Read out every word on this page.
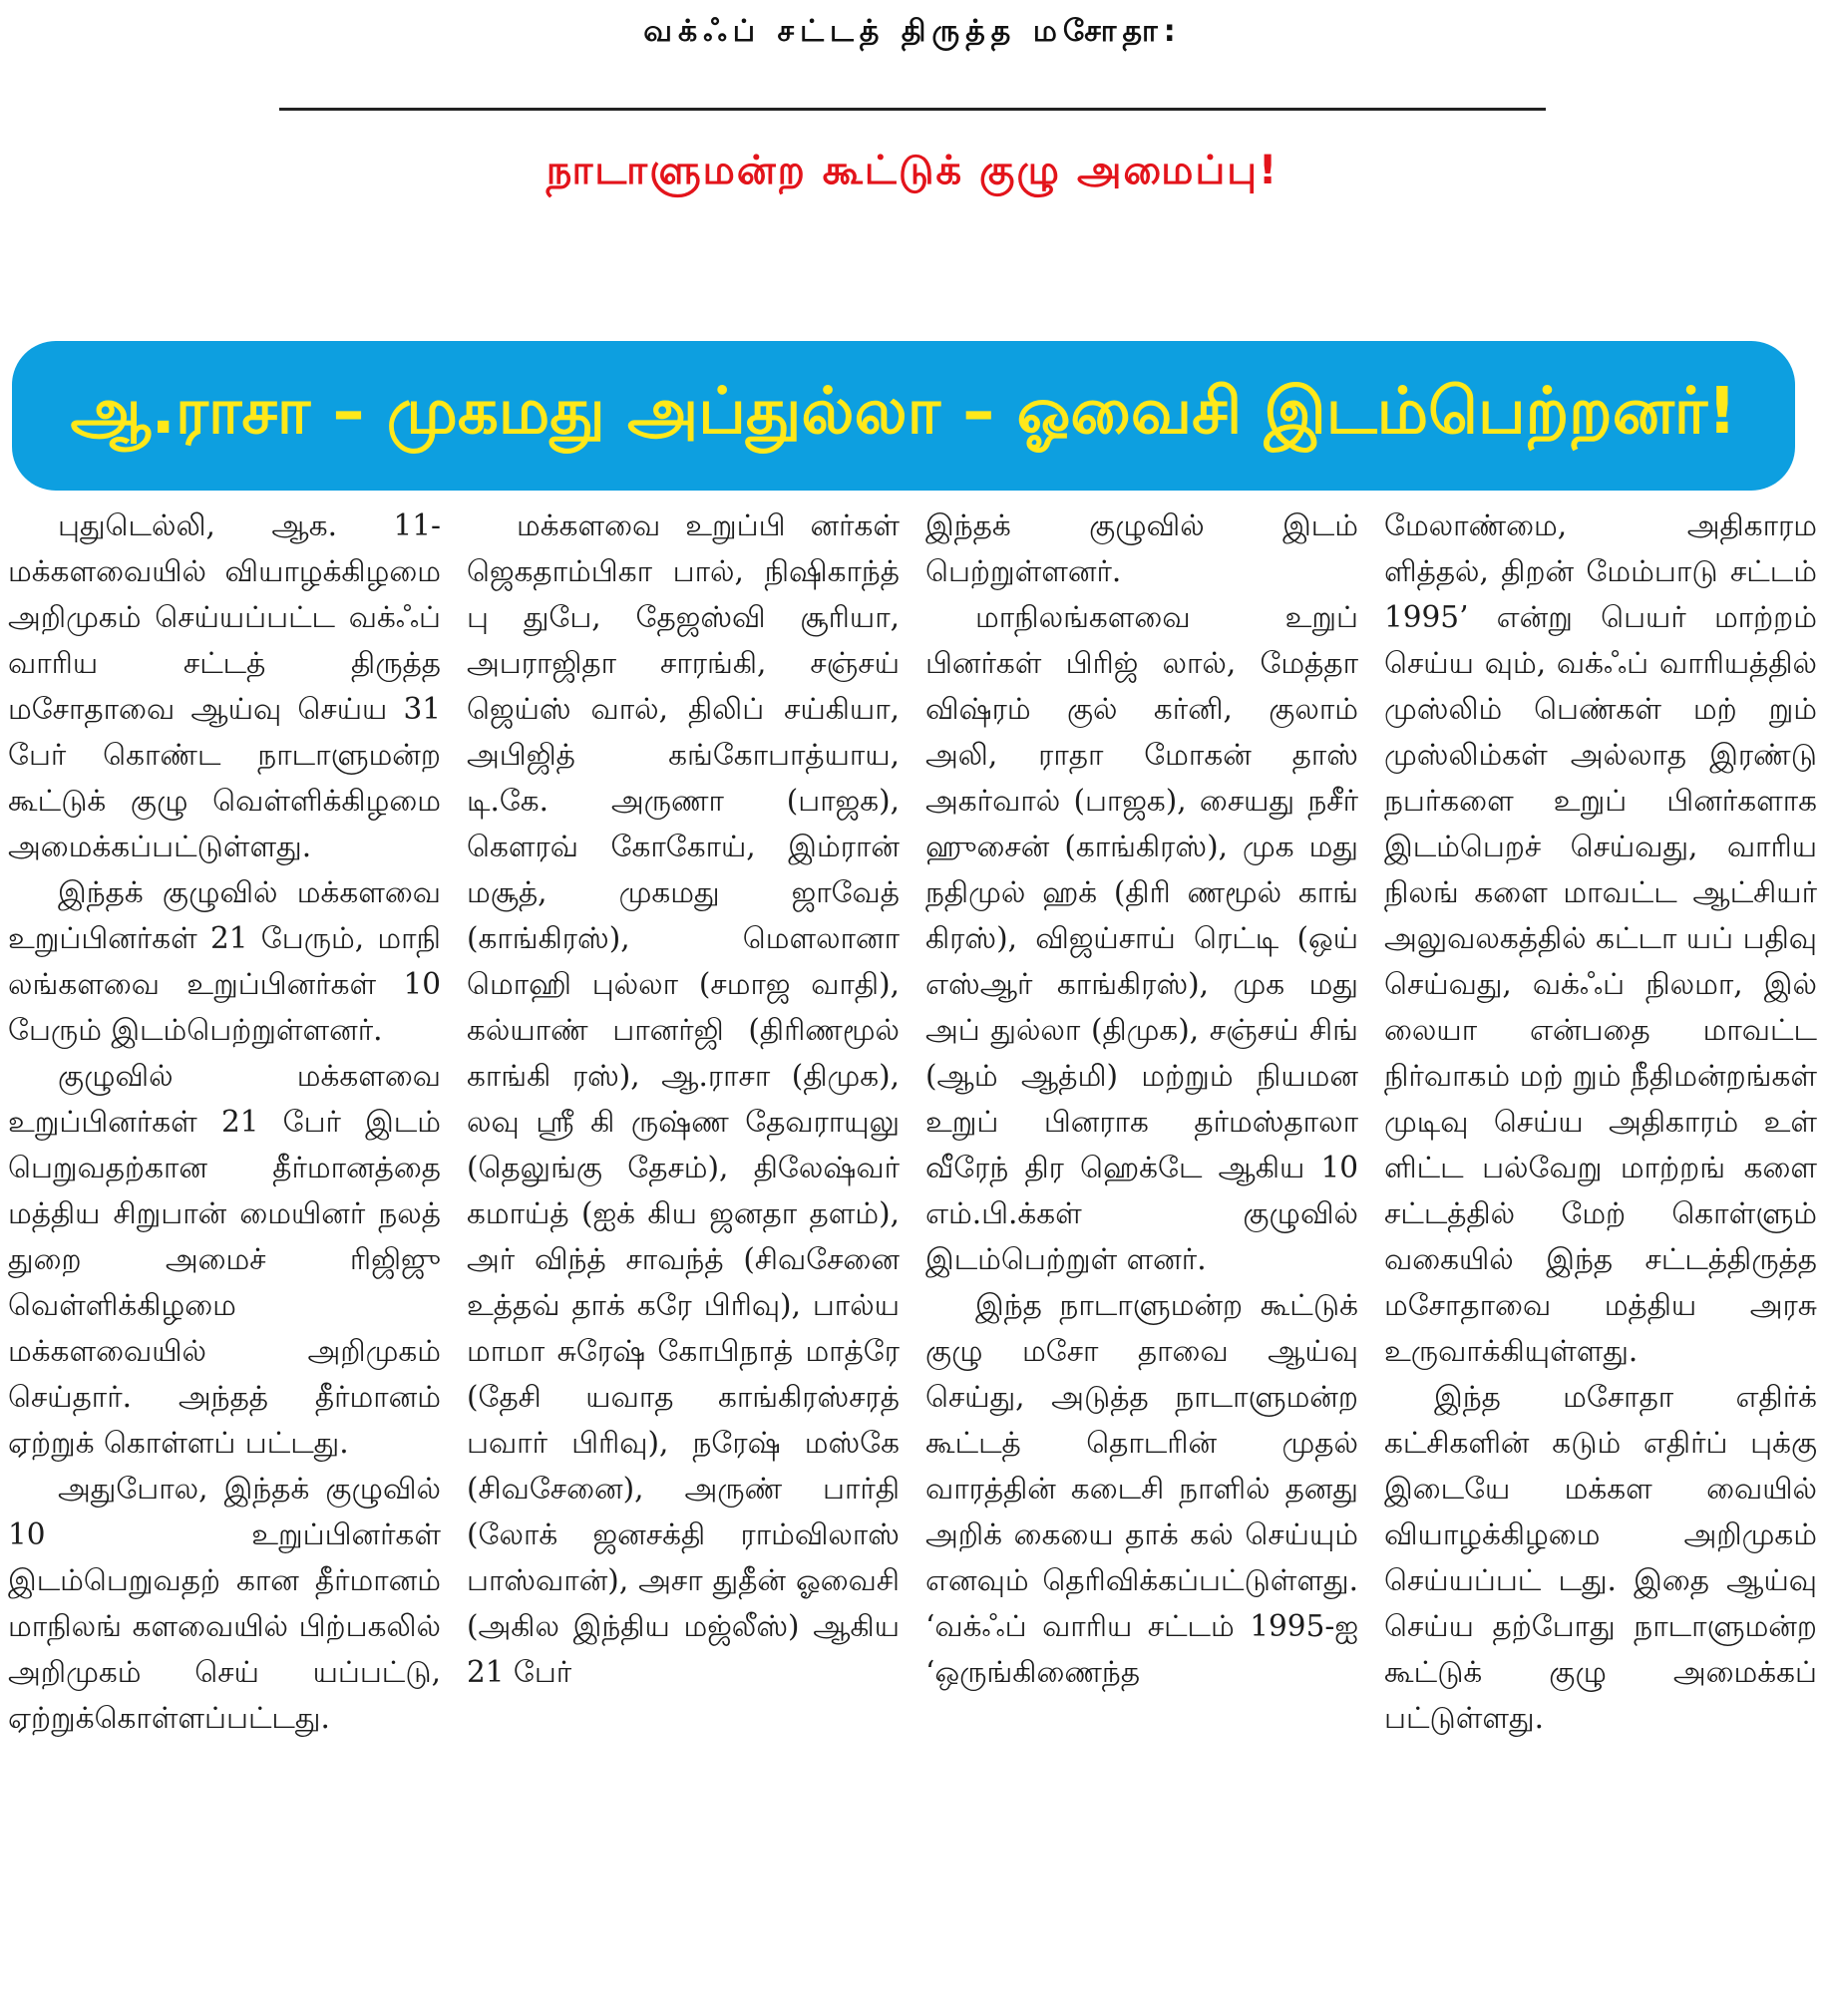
வக்ஃப் சட்டத் திருத்த மசோதா:
நாடாளுமன்ற கூட்டுக் குழு அமைப்பு!
ஆ.ராசா – முகமது அப்துல்லா – ஓவைசி இடம்பெற்றனர்!

புதுடெல்லி, ஆக. 11- மக்களவையில் வியாழக்கிழமை அறிமுகம் செய்யப்பட்ட வக்ஃப் வாரிய சட்டத் திருத்த மசோதாவை ஆய்வு செய்ய 31 பேர் கொண்ட நாடாளுமன்ற கூட்டுக் குழு வெள்ளிக்கிழமை அமைக்கப்பட்டுள்ளது.

இந்தக் குழுவில் மக்களவை உறுப்பினர்கள் 21 பேரும், மாநி லங்களவை உறுப்பினர்கள் 10 பேரும் இடம்பெற்றுள்ளனர்.

குழுவில் மக்களவை உறுப்பினர்கள் 21 பேர் இடம் பெறுவதற்கான தீர்மானத்தை மத்திய சிறுபான் மையினர் நலத் துறை அமைச் ரிஜிஜு வெள்ளிக்கிழமை மக்களவையில் அறிமுகம் செய்தார். அந்தத் தீர்மானம் ஏற்றுக் கொள்ளப் பட்டது.

அதுபோல, இந்தக் குழுவில் 10 உறுப்பினர்கள் இடம்பெறுவதற் கான தீர்மானம் மாநிலங் களவையில் பிற்பகலில் அறிமுகம் செய் யப்பட்டு, ஏற்றுக்கொள்ளப்பட்டது.

மக்களவை உறுப்பி னர்கள் ஜெகதாம்பிகா பால், நிஷிகாந்த் பு துபே, தேஜஸ்வி சூரியா, அபராஜிதா சாரங்கி, சஞ்சய் ஜெய்ஸ் வால், திலிப் சய்கியா, அபிஜித் கங்கோபாத்யாய, டி.கே. அருணா (பாஜக), கௌரவ் கோகோய், இம்ரான் மசூத், முகமது ஜாவேத் (காங்கிரஸ்), மௌலானா மொஹி புல்லா (சமாஜ வாதி), கல்யாண் பானர்ஜி (திரிணமூல் காங்கி ரஸ்), ஆ.ராசா (திமுக), லவு ஸ்ரீ கி ருஷ்ண தேவராயுலு (தெலுங்கு தேசம்), திலேஷ்வர் கமாய்த் (ஐக் கிய ஜனதா தளம்), அர் விந்த் சாவந்த் (சிவசேனை உத்தவ் தாக் கரே பிரிவு), பால்ய மாமா சுரேஷ் கோபிநாத் மாத்ரே (தேசி யவாத காங்கிரஸ்சரத் பவார் பிரிவு), நரேஷ் மஸ்கே (சிவசேனை), அருண் பார்தி (லோக் ஜனசக்தி ராம்விலாஸ் பாஸ்வான்), அசா துதீன் ஓவைசி (அகில இந்திய மஜ்லீஸ்) ஆகிய 21 பேர்

இந்தக் குழுவில் இடம் பெற்றுள்ளனர்.

மாநிலங்களவை உறுப் பினர்கள் பிரிஜ் லால், மேத்தா விஷ்ரம் குல் கர்னி, குலாம் அலி, ராதா மோகன் தாஸ் அகர்வால் (பாஜக), சையது நசீர் ஹுசைன் (காங்கிரஸ்), முக மது நதிமுல் ஹக் (திரி ணமூல் காங் கிரஸ்), விஜய்சாய் ரெட்டி (ஒய் எஸ்ஆர் காங்கிரஸ்), முக மது அப் துல்லா (திமுக), சஞ்சய் சிங் (ஆம் ஆத்மி) மற்றும் நியமன உறுப் பினராக தர்மஸ்தாலா வீரேந் திர ஹெக்டே ஆகிய 10 எம்.பி.க்கள் குழுவில் இடம்பெற்றுள் ளனர்.

இந்த நாடாளுமன்ற கூட்டுக் குழு மசோ தாவை ஆய்வு செய்து, அடுத்த நாடாளுமன்ற கூட்டத் தொடரின் முதல் வாரத்தின் கடைசி நாளில் தனது அறிக் கையை தாக் கல் செய்யும் எனவும் தெரிவிக்கப்பட்டுள்ளது. ‘வக்ஃப் வாரிய சட்டம் 1995-ஐ ‘ஒருங்கிணைந்த

மேலாண்மை, அதிகாரம ளித்தல், திறன் மேம்பாடு சட்டம் 1995’ என்று பெயர் மாற்றம் செய்ய வும், வக்ஃப் வாரியத்தில் முஸ்லிம் பெண்கள் மற் றும் முஸ்லிம்கள் அல்லாத இரண்டு நபர்களை உறுப் பினர்களாக இடம்பெறச் செய்வது, வாரிய நிலங் களை மாவட்ட ஆட்சியர் அலுவலகத்தில் கட்டா யப் பதிவு செய்வது, வக்ஃப் நிலமா, இல் லையா என்பதை மாவட்ட நிர்வாகம் மற் றும் நீதிமன்றங்கள் முடிவு செய்ய அதிகாரம் உள் ளிட்ட பல்வேறு மாற்றங் களை சட்டத்தில் மேற் கொள்ளும் வகையில் இந்த சட்டத்திருத்த மசோதாவை மத்திய அரசு உருவாக்கியுள்ளது.

இந்த மசோதா எதிர்க் கட்சிகளின் கடும் எதிர்ப் புக்கு இடையே மக்கள வையில் வியாழக்கிழமை அறிமுகம் செய்யப்பட் டது. இதை ஆய்வு செய்ய தற்போது நாடாளுமன்ற கூட்டுக் குழு அமைக்கப் பட்டுள்ளது.
